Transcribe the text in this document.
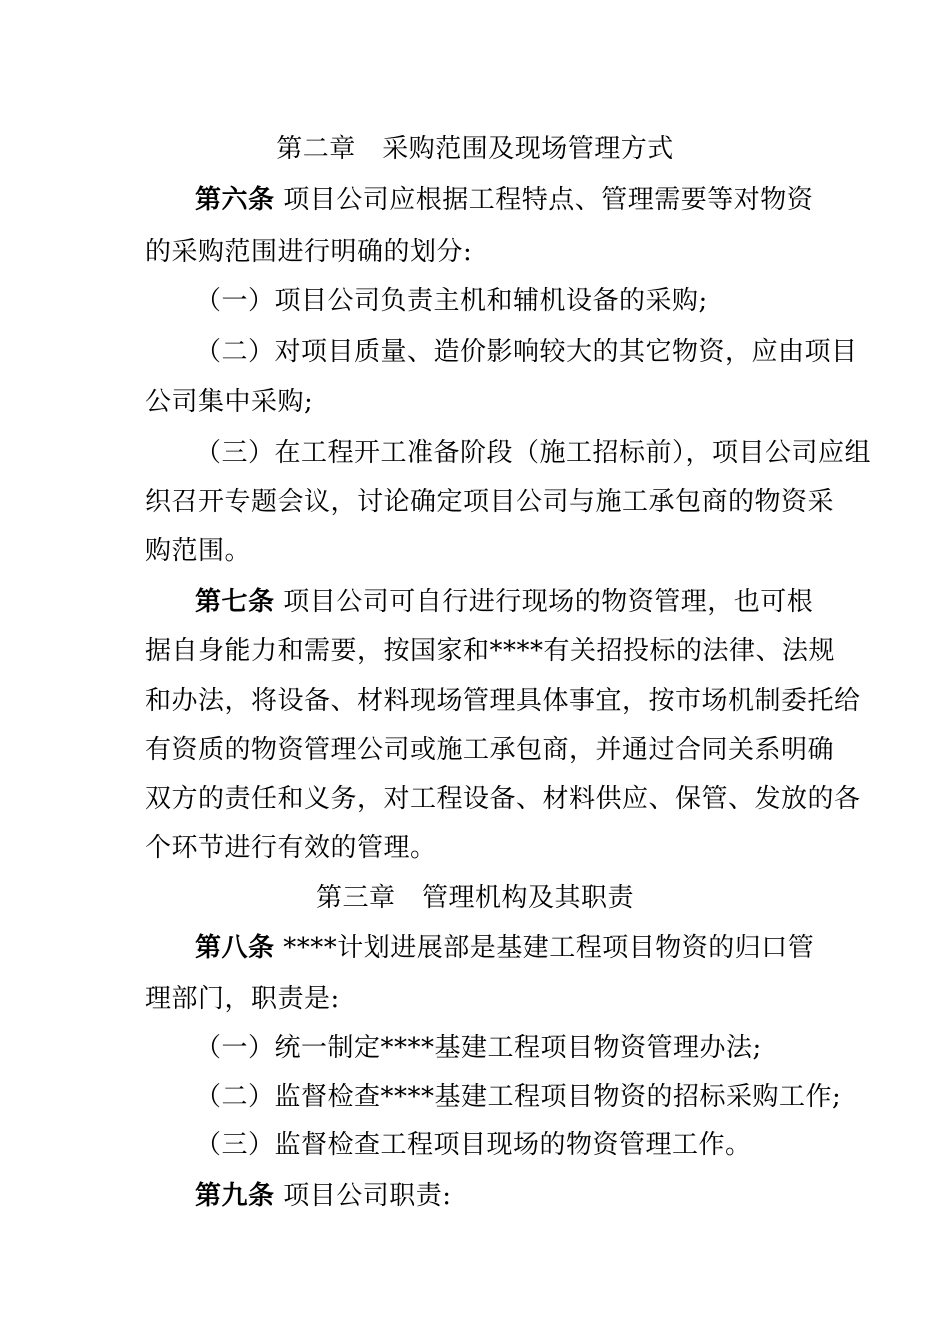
第二章　采购范围及现场管理方式
第六条 项目公司应根据工程特点、管理需要等对物资
的采购范围进行明确的划分:
（一）项目公司负责主机和辅机设备的采购;
（二）对项目质量、造价影响较大的其它物资，应由项目
公司集中采购;
（三）在工程开工准备阶段（施工招标前），项目公司应组
织召开专题会议，讨论确定项目公司与施工承包商的物资采
购范围。
第七条 项目公司可自行进行现场的物资管理，也可根
据自身能力和需要，按国家和****有关招投标的法律、法规
和办法，将设备、材料现场管理具体事宜，按市场机制委托给
有资质的物资管理公司或施工承包商，并通过合同关系明确
双方的责任和义务，对工程设备、材料供应、保管、发放的各
个环节进行有效的管理。
第三章　管理机构及其职责
第八条 ****计划进展部是基建工程项目物资的归口管
理部门，职责是:
（一）统一制定****基建工程项目物资管理办法;
（二）监督检查****基建工程项目物资的招标采购工作;
（三）监督检查工程项目现场的物资管理工作。
第九条 项目公司职责:
